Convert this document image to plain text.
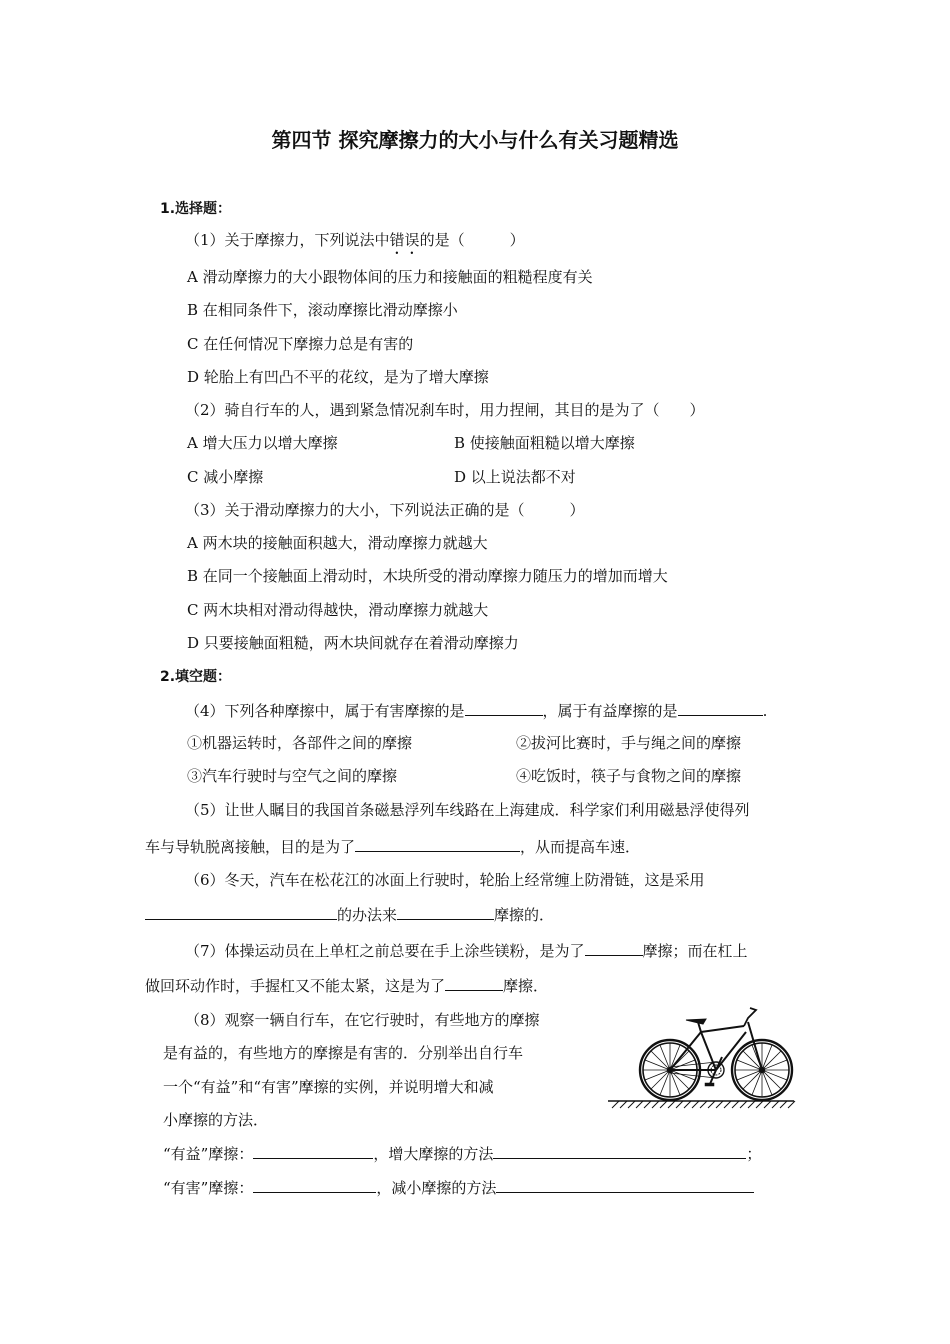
第四节 探究摩擦力的大小与什么有关习题精选
1.选择题：
（1）关于摩擦力，下列说法中错误的是（　　　）
A 滑动摩擦力的大小跟物体间的压力和接触面的粗糙程度有关
B 在相同条件下，滚动摩擦比滑动摩擦小
C 在任何情况下摩擦力总是有害的
D 轮胎上有凹凸不平的花纹，是为了增大摩擦
（2）骑自行车的人，遇到紧急情况刹车时，用力捏闸，其目的是为了（　　）
A 增大压力以增大摩擦	B 使接触面粗糙以增大摩擦
C 减小摩擦	D 以上说法都不对
（3）关于滑动摩擦力的大小，下列说法正确的是（　　　）
A 两木块的接触面积越大，滑动摩擦力就越大
B 在同一个接触面上滑动时，木块所受的滑动摩擦力随压力的增加而增大
C 两木块相对滑动得越快，滑动摩擦力就越大
D 只要接触面粗糙，两木块间就存在着滑动摩擦力
2.填空题：
（4）下列各种摩擦中，属于有害摩擦的是	，属于有益摩擦的是	.
①机器运转时，各部件之间的摩擦	②拔河比赛时，手与绳之间的摩擦
③汽车行驶时与空气之间的摩擦	④吃饭时，筷子与食物之间的摩擦
（5）让世人瞩目的我国首条磁悬浮列车线路在上海建成．科学家们利用磁悬浮使得列
车与导轨脱离接触，目的是为了	，从而提高车速．
（6）冬天，汽车在松花江的冰面上行驶时，轮胎上经常缠上防滑链，这是采用
的办法来	摩擦的．
（7）体操运动员在上单杠之前总要在手上涂些镁粉，是为了	摩擦；而在杠上
做回环动作时，手握杠又不能太紧，这是为了	摩擦．
（8）观察一辆自行车，在它行驶时，有些地方的摩擦
是有益的，有些地方的摩擦是有害的．分别举出自行车
一个“有益”和“有害”摩擦的实例，并说明增大和减
小摩擦的方法．
“有益”摩擦：	，增大摩擦的方法	；
“有害”摩擦：	，减小摩擦的方法
